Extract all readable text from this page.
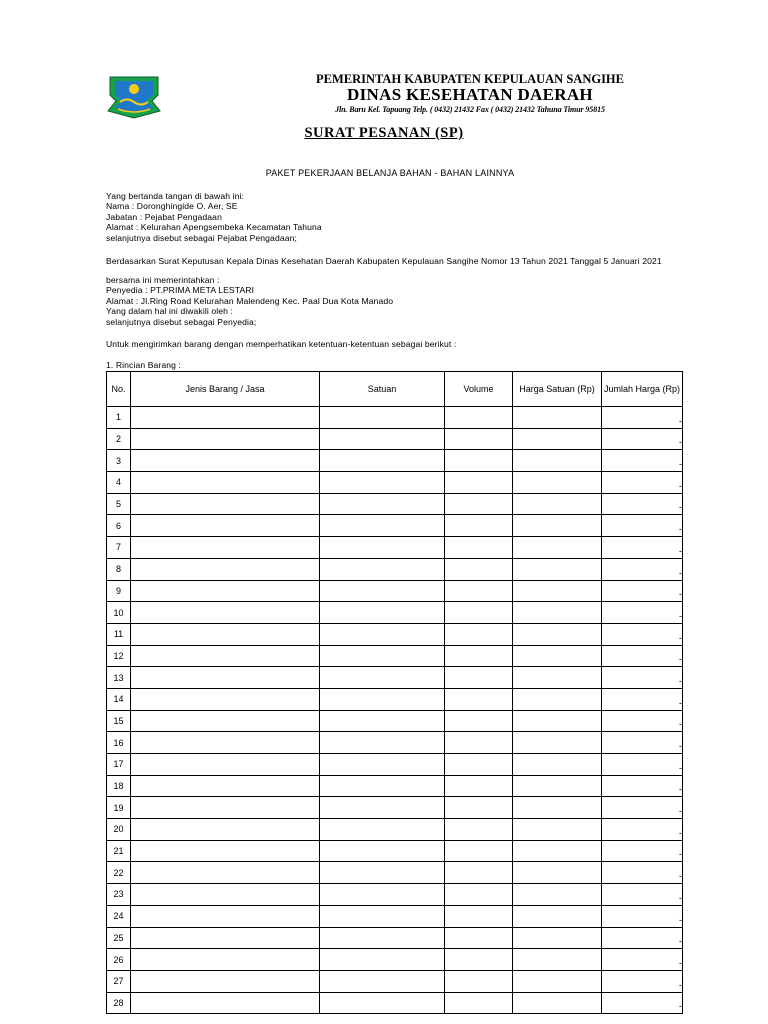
PEMERINTAH KABUPATEN KEPULAUAN SANGIHE
DINAS KESEHATAN DAERAH
Jln. Baru Kel. Tapuang Telp. ( 0432) 21432 Fax ( 0432) 21432 Tahuna Timur 95815
SURAT PESANAN (SP)
PAKET PEKERJAAN BELANJA BAHAN - BAHAN LAINNYA
Yang bertanda tangan di bawah ini:
Nama : Doronghingide O. Aer, SE
Jabatan : Pejabat Pengadaan
Alamat : Kelurahan Apengsembeka Kecamatan Tahuna
selanjutnya disebut sebagai Pejabat Pengadaan;
Berdasarkan Surat Keputusan Kepala Dinas Kesehatan Daerah Kabupaten Kepulauan Sangihe Nomor 13 Tahun 2021 Tanggal 5 Januari 2021
bersama ini memerintahkan :
Penyedia : PT.PRIMA META LESTARI
Alamat : Jl.Ring Road Kelurahan Malendeng Kec. Paal Dua Kota Manado
Yang dalam hal ini diwakili oleh :
selanjutnya disebut sebagai Penyedia;
Untuk mengirimkan barang dengan memperhatikan ketentuan-ketentuan sebagai berikut :
1. Rincian Barang :
No.	Jenis Barang / Jasa	Satuan	Volume	Harga Satuan (Rp)	Jumlah Harga (Rp)
1					-
2					-
3					-
4					-
5					-
6					-
7					-
8					-
9					-
10					-
11					-
12					-
13					-
14					-
15					-
16					-
17					-
18					-
19					-
20					-
21					-
22					-
23					-
24					-
25					-
26					-
27					-
28					-
